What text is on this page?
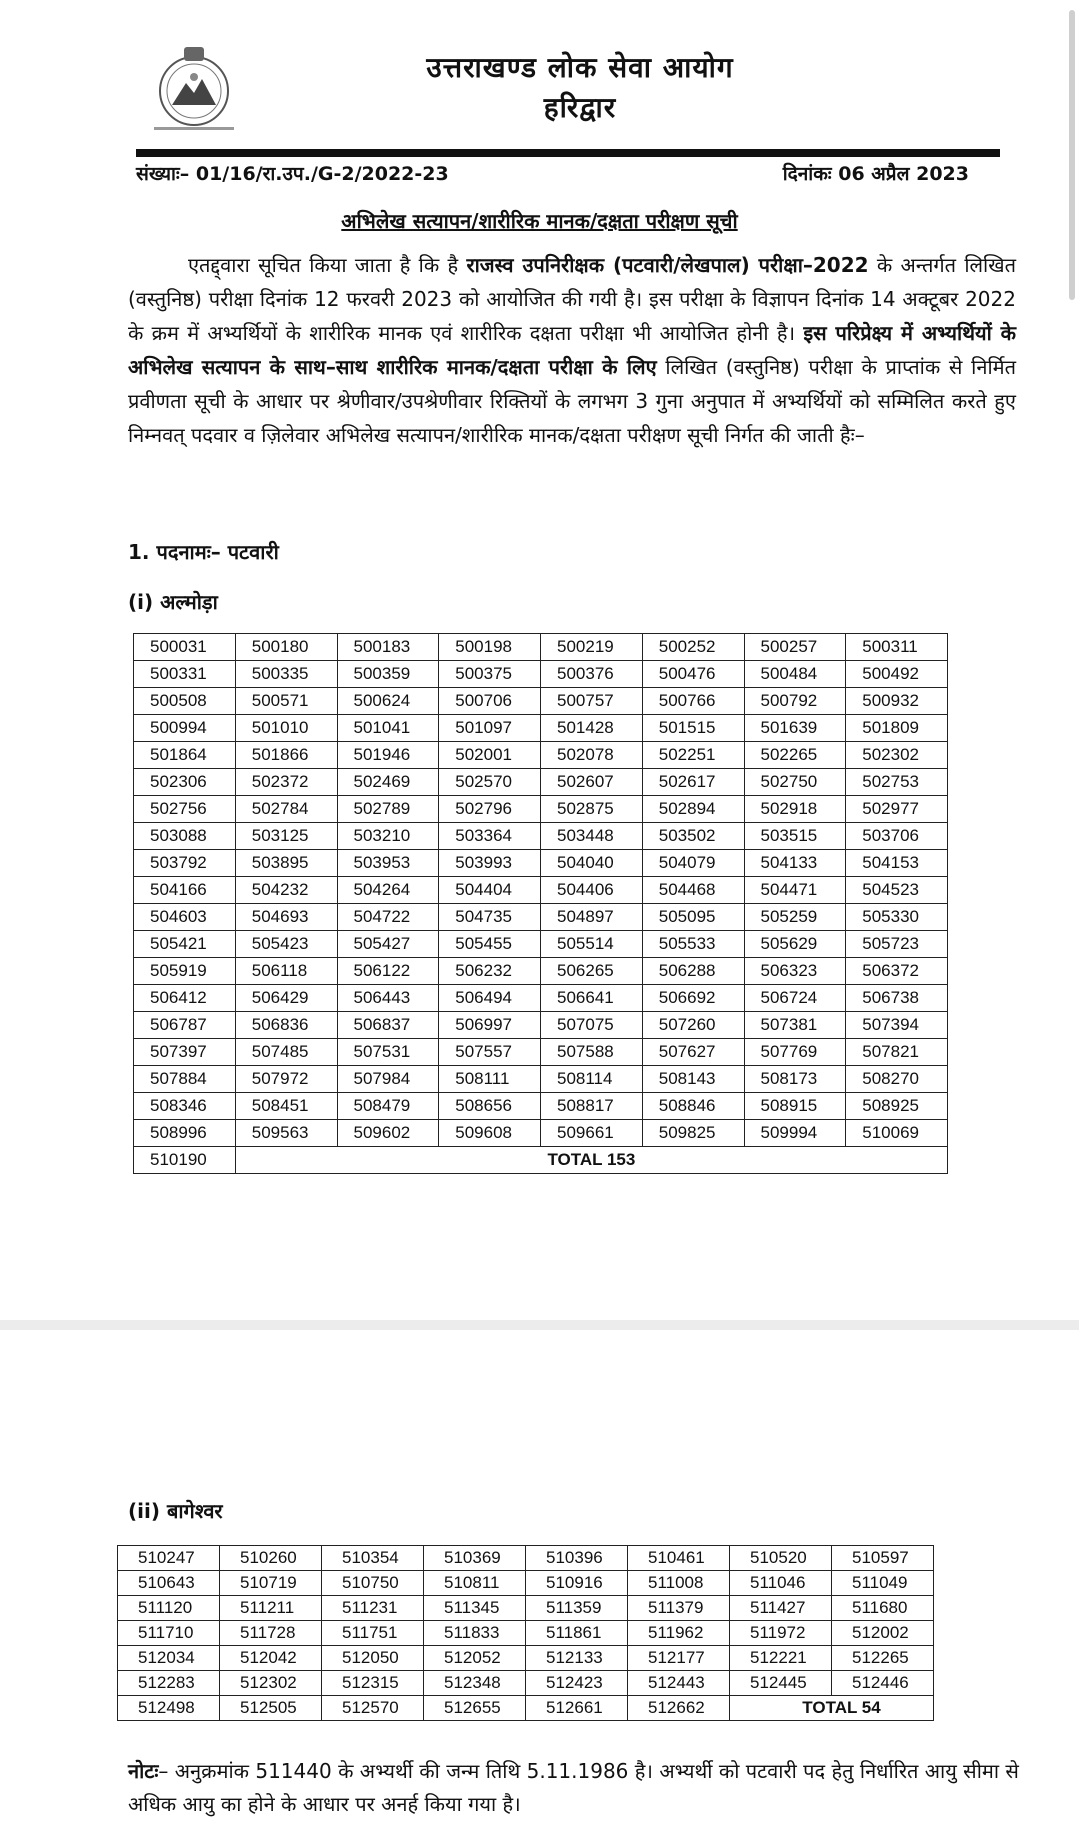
उत्तराखण्ड लोक सेवा आयोग
हरिद्वार
संख्याः– 01/16/रा.उप./G-2/2022-23	दिनांकः 06 अप्रैल 2023
अभिलेख सत्यापन/शारीरिक मानक/दक्षता परीक्षण सूची
   एतद्द्वारा सूचित किया जाता है कि है राजस्व उपनिरीक्षक (पटवारी/लेखपाल) परीक्षा–2022 के अन्तर्गत लिखित (वस्तुनिष्ठ) परीक्षा दिनांक 12 फरवरी 2023 को आयोजित की गयी है। इस परीक्षा के विज्ञापन दिनांक 14 अक्टूबर 2022 के क्रम में अभ्यर्थियों के शारीरिक मानक एवं शारीरिक दक्षता परीक्षा भी आयोजित होनी है। इस परिप्रेक्ष्य में अभ्यर्थियों के अभिलेख सत्यापन के साथ–साथ शारीरिक मानक/दक्षता परीक्षा के लिए लिखित (वस्तुनिष्ठ) परीक्षा के प्राप्तांक से निर्मित प्रवीणता सूची के आधार पर श्रेणीवार/उपश्रेणीवार रिक्तियों के लगभग 3 गुना अनुपात में अभ्यर्थियों को सम्मिलित करते हुए निम्नवत् पदवार व ज़िलेवार अभिलेख सत्यापन/शारीरिक मानक/दक्षता परीक्षण सूची निर्गत की जाती हैः–
1. पदनामः– पटवारी
(i) अल्मोड़ा
500031	500180	500183	500198	500219	500252	500257	500311
500331	500335	500359	500375	500376	500476	500484	500492
500508	500571	500624	500706	500757	500766	500792	500932
500994	501010	501041	501097	501428	501515	501639	501809
501864	501866	501946	502001	502078	502251	502265	502302
502306	502372	502469	502570	502607	502617	502750	502753
502756	502784	502789	502796	502875	502894	502918	502977
503088	503125	503210	503364	503448	503502	503515	503706
503792	503895	503953	503993	504040	504079	504133	504153
504166	504232	504264	504404	504406	504468	504471	504523
504603	504693	504722	504735	504897	505095	505259	505330
505421	505423	505427	505455	505514	505533	505629	505723
505919	506118	506122	506232	506265	506288	506323	506372
506412	506429	506443	506494	506641	506692	506724	506738
506787	506836	506837	506997	507075	507260	507381	507394
507397	507485	507531	507557	507588	507627	507769	507821
507884	507972	507984	508111	508114	508143	508173	508270
508346	508451	508479	508656	508817	508846	508915	508925
508996	509563	509602	509608	509661	509825	509994	510069
510190	TOTAL 153						
(ii) बागेश्वर
510247	510260	510354	510369	510396	510461	510520	510597
510643	510719	510750	510811	510916	511008	511046	511049
511120	511211	511231	511345	511359	511379	511427	511680
511710	511728	511751	511833	511861	511962	511972	512002
512034	512042	512050	512052	512133	512177	512221	512265
512283	512302	512315	512348	512423	512443	512445	512446
512498	512505	512570	512655	512661	512662	TOTAL 54	
नोटः– अनुक्रमांक 511440 के अभ्यर्थी की जन्म तिथि 5.11.1986 है। अभ्यर्थी को पटवारी पद हेतु निर्धारित आयु सीमा से अधिक आयु का होने के आधार पर अनर्ह किया गया है।
